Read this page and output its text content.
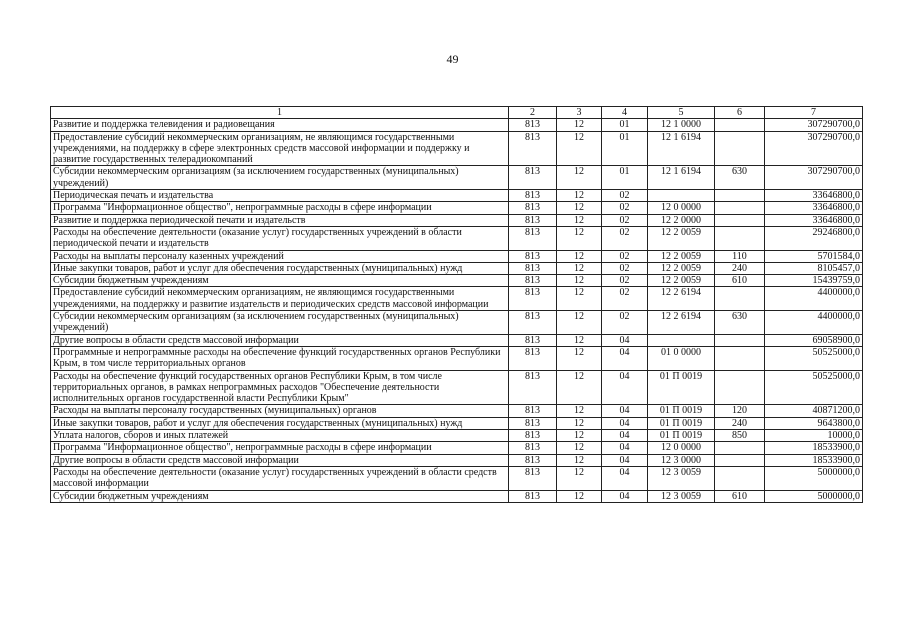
49
1	2	3	4	5	6	7
Развитие и поддержка телевидения и радиовещания	813	12	01	12 1 0000		307290700,0
Предоставление субсидий некоммерческим организациям, не являющимся государственными учреждениями, на поддержку в сфере электронных средств массовой информации и поддержку и развитие государственных телерадиокомпаний	813	12	01	12 1 6194		307290700,0
Субсидии некоммерческим организациям (за исключением государственных (муниципальных) учреждений)	813	12	01	12 1 6194	630	307290700,0
Периодическая печать и издательства	813	12	02			33646800,0
Программа "Информационное общество", непрограммные расходы в сфере информации	813	12	02	12 0 0000		33646800,0
Развитие и поддержка периодической печати и издательств	813	12	02	12 2 0000		33646800,0
Расходы на обеспечение деятельности (оказание услуг) государственных учреждений в области периодической печати и издательств	813	12	02	12 2 0059		29246800,0
Расходы на выплаты персоналу казенных учреждений	813	12	02	12 2 0059	110	5701584,0
Иные закупки товаров, работ и услуг для обеспечения государственных (муниципальных) нужд	813	12	02	12 2 0059	240	8105457,0
Субсидии бюджетным учреждениям	813	12	02	12 2 0059	610	15439759,0
Предоставление субсидий некоммерческим организациям, не являющимся государственными учреждениями, на поддержку и развитие издательств и периодических средств массовой информации	813	12	02	12 2 6194		4400000,0
Субсидии некоммерческим организациям (за исключением государственных (муниципальных) учреждений)	813	12	02	12 2 6194	630	4400000,0
Другие вопросы в области средств массовой информации	813	12	04			69058900,0
Программные и непрограммные расходы на обеспечение функций государственных органов Республики Крым, в том числе территориальных органов	813	12	04	01 0 0000		50525000,0
Расходы на обеспечение функций государственных органов Республики Крым, в том числе территориальных органов, в рамках непрограммных расходов "Обеспечение деятельности исполнительных органов государственной власти Республики Крым"	813	12	04	01 П 0019		50525000,0
Расходы на выплаты персоналу государственных (муниципальных) органов	813	12	04	01 П 0019	120	40871200,0
Иные закупки товаров, работ и услуг для обеспечения государственных (муниципальных) нужд	813	12	04	01 П 0019	240	9643800,0
Уплата налогов, сборов и иных платежей	813	12	04	01 П 0019	850	10000,0
Программа "Информационное общество", непрограммные расходы в сфере информации	813	12	04	12 0 0000		18533900,0
Другие вопросы в области средств массовой информации	813	12	04	12 3 0000		18533900,0
Расходы на обеспечение деятельности (оказание услуг) государственных учреждений в области средств массовой информации	813	12	04	12 3 0059		5000000,0
Субсидии бюджетным учреждениям	813	12	04	12 3 0059	610	5000000,0
